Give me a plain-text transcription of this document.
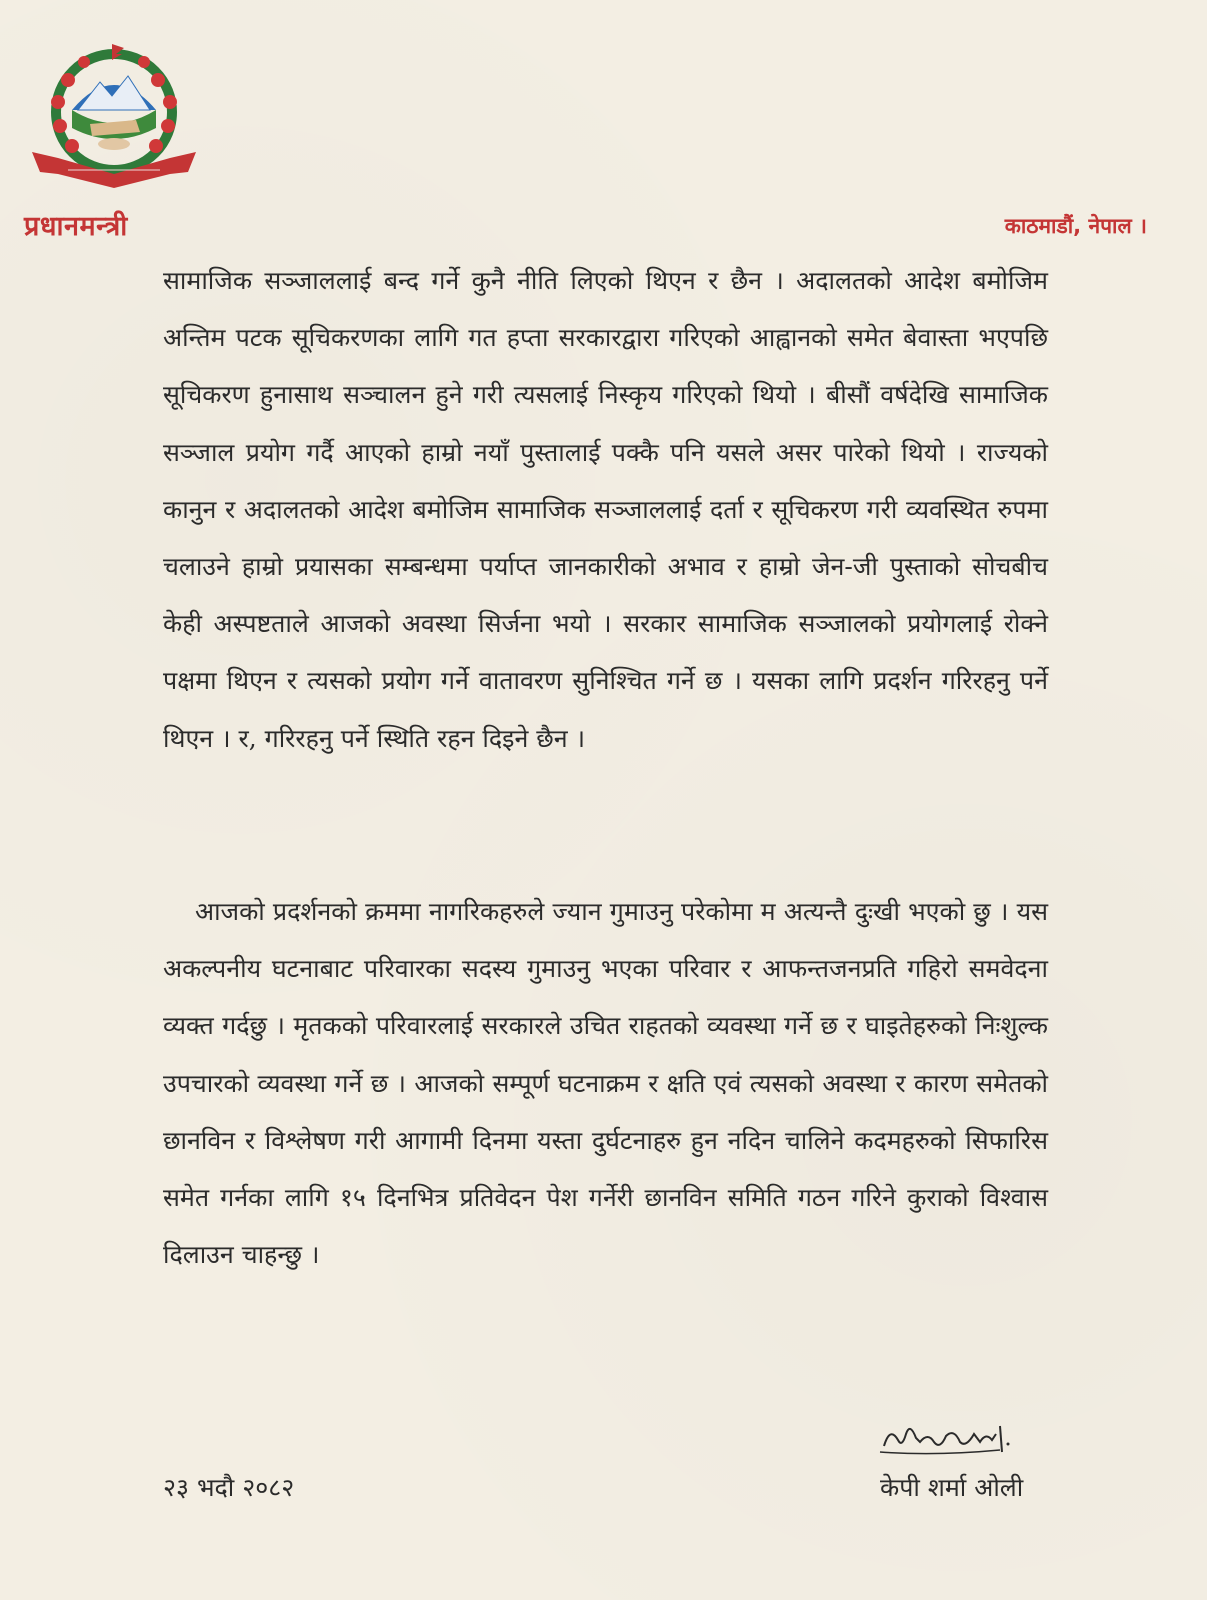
प्रधानमन्त्री	काठमाडौं, नेपाल ।

सामाजिक सञ्जाललाई बन्द गर्ने कुनै नीति लिएको थिएन र छैन । अदालतको आदेश बमोजिम अन्तिम पटक सूचिकरणका लागि गत हप्ता सरकारद्वारा गरिएको आह्वानको समेत बेवास्ता भएपछि सूचिकरण हुनासाथ सञ्चालन हुने गरी त्यसलाई निस्कृय गरिएको थियो । बीसौं वर्षदेखि सामाजिक सञ्जाल प्रयोग गर्दै आएको हाम्रो नयाँ पुस्तालाई पक्कै पनि यसले असर पारेको थियो । राज्यको कानुन र अदालतको आदेश बमोजिम सामाजिक सञ्जाललाई दर्ता र सूचिकरण गरी व्यवस्थित रुपमा चलाउने हाम्रो प्रयासका सम्बन्धमा पर्याप्त जानकारीको अभाव र हाम्रो जेन-जी पुस्ताको सोचबीच केही अस्पष्टताले आजको अवस्था सिर्जना भयो । सरकार सामाजिक सञ्जालको प्रयोगलाई रोक्ने पक्षमा थिएन र त्यसको प्रयोग गर्ने वातावरण सुनिश्चित गर्ने छ । यसका लागि प्रदर्शन गरिरहनु पर्ने थिएन । र, गरिरहनु पर्ने स्थिति रहन दिइने छैन ।

आजको प्रदर्शनको क्रममा नागरिकहरुले ज्यान गुमाउनु परेकोमा म अत्यन्तै दुःखी भएको छु । यस अकल्पनीय घटनाबाट परिवारका सदस्य गुमाउनु भएका परिवार र आफन्तजनप्रति गहिरो समवेदना व्यक्त गर्दछु । मृतकको परिवारलाई सरकारले उचित राहतको व्यवस्था गर्ने छ र घाइतेहरुको निःशुल्क उपचारको व्यवस्था गर्ने छ । आजको सम्पूर्ण घटनाक्रम र क्षति एवं त्यसको अवस्था र कारण समेतको छानविन र विश्लेषण गरी आगामी दिनमा यस्ता दुर्घटनाहरु हुन नदिन चालिने कदमहरुको सिफारिस समेत गर्नका लागि १५ दिनभित्र प्रतिवेदन पेश गर्नेरी छानविन समिति गठन गरिने कुराको विश्वास दिलाउन चाहन्छु ।

२३ भदौ २०८२	केपी शर्मा ओली
